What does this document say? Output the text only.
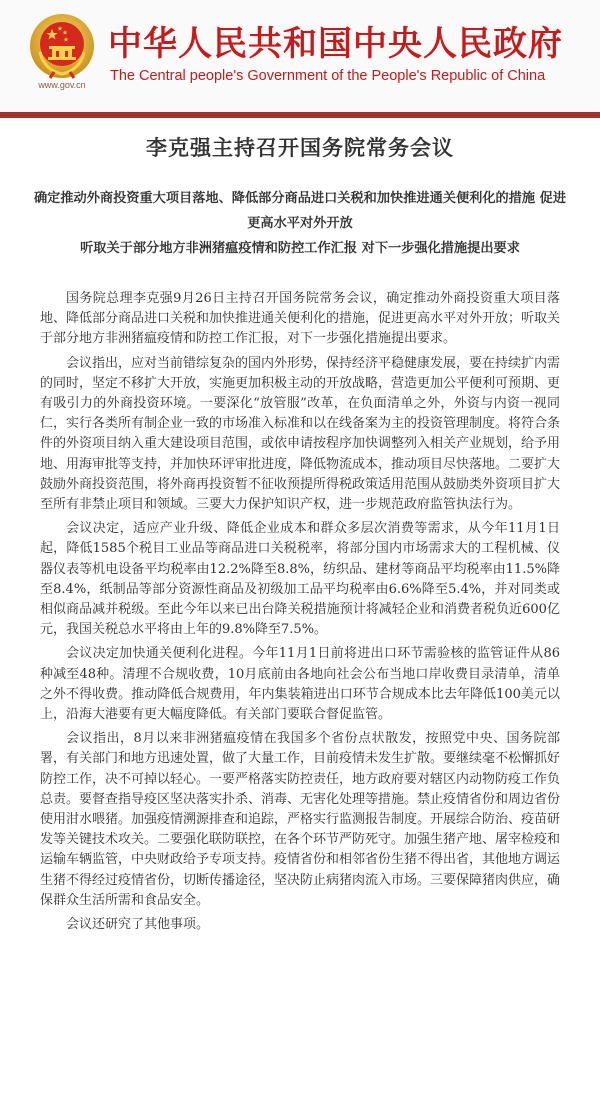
www.gov.cn
中华人民共和国中央人民政府
The Central people's Government of the People's Republic of China
李克强主持召开国务院常务会议

确定推动外商投资重大项目落地、降低部分商品进口关税和加快推进通关便利化的措施 促进更高水平对外开放

听取关于部分地方非洲猪瘟疫情和防控工作汇报 对下一步强化措施提出要求

国务院总理李克强9月26日主持召开国务院常务会议，确定推动外商投资重大项目落地、降低部分商品进口关税和加快推进通关便利化的措施，促进更高水平对外开放；听取关于部分地方非洲猪瘟疫情和防控工作汇报，对下一步强化措施提出要求。

会议指出，应对当前错综复杂的国内外形势，保持经济平稳健康发展，要在持续扩内需的同时，坚定不移扩大开放，实施更加积极主动的开放战略，营造更加公平便利可预期、更有吸引力的外商投资环境。一要深化“放管服”改革，在负面清单之外，外资与内资一视同仁，实行各类所有制企业一致的市场准入标准和以在线备案为主的投资管理制度。将符合条件的外资项目纳入重大建设项目范围，或依申请按程序加快调整列入相关产业规划，给予用地、用海审批等支持，并加快环评审批进度，降低物流成本，推动项目尽快落地。二要扩大鼓励外商投资范围，将外商再投资暂不征收预提所得税政策适用范围从鼓励类外资项目扩大至所有非禁止项目和领域。三要大力保护知识产权，进一步规范政府监管执法行为。

会议决定，适应产业升级、降低企业成本和群众多层次消费等需求，从今年11月1日起，降低1585个税目工业品等商品进口关税税率，将部分国内市场需求大的工程机械、仪器仪表等机电设备平均税率由12.2%降至8.8%，纺织品、建材等商品平均税率由11.5%降至8.4%，纸制品等部分资源性商品及初级加工品平均税率由6.6%降至5.4%，并对同类或相似商品减并税级。至此今年以来已出台降关税措施预计将减轻企业和消费者税负近600亿元，我国关税总水平将由上年的9.8%降至7.5%。

会议决定加快通关便利化进程。今年11月1日前将进出口环节需验核的监管证件从86种减至48种。清理不合规收费，10月底前由各地向社会公布当地口岸收费目录清单，清单之外不得收费。推动降低合规费用，年内集装箱进出口环节合规成本比去年降低100美元以上，沿海大港要有更大幅度降低。有关部门要联合督促监管。

会议指出，8月以来非洲猪瘟疫情在我国多个省份点状散发，按照党中央、国务院部署，有关部门和地方迅速处置，做了大量工作，目前疫情未发生扩散。要继续毫不松懈抓好防控工作，决不可掉以轻心。一要严格落实防控责任，地方政府要对辖区内动物防疫工作负总责。要督查指导疫区坚决落实扑杀、消毒、无害化处理等措施。禁止疫情省份和周边省份使用泔水喂猪。加强疫情溯源排查和追踪，严格实行监测报告制度。开展综合防治、疫苗研发等关键技术攻关。二要强化联防联控，在各个环节严防死守。加强生猪产地、屠宰检疫和运输车辆监管，中央财政给予专项支持。疫情省份和相邻省份生猪不得出省，其他地方调运生猪不得经过疫情省份，切断传播途径，坚决防止病猪肉流入市场。三要保障猪肉供应，确保群众生活所需和食品安全。

会议还研究了其他事项。
